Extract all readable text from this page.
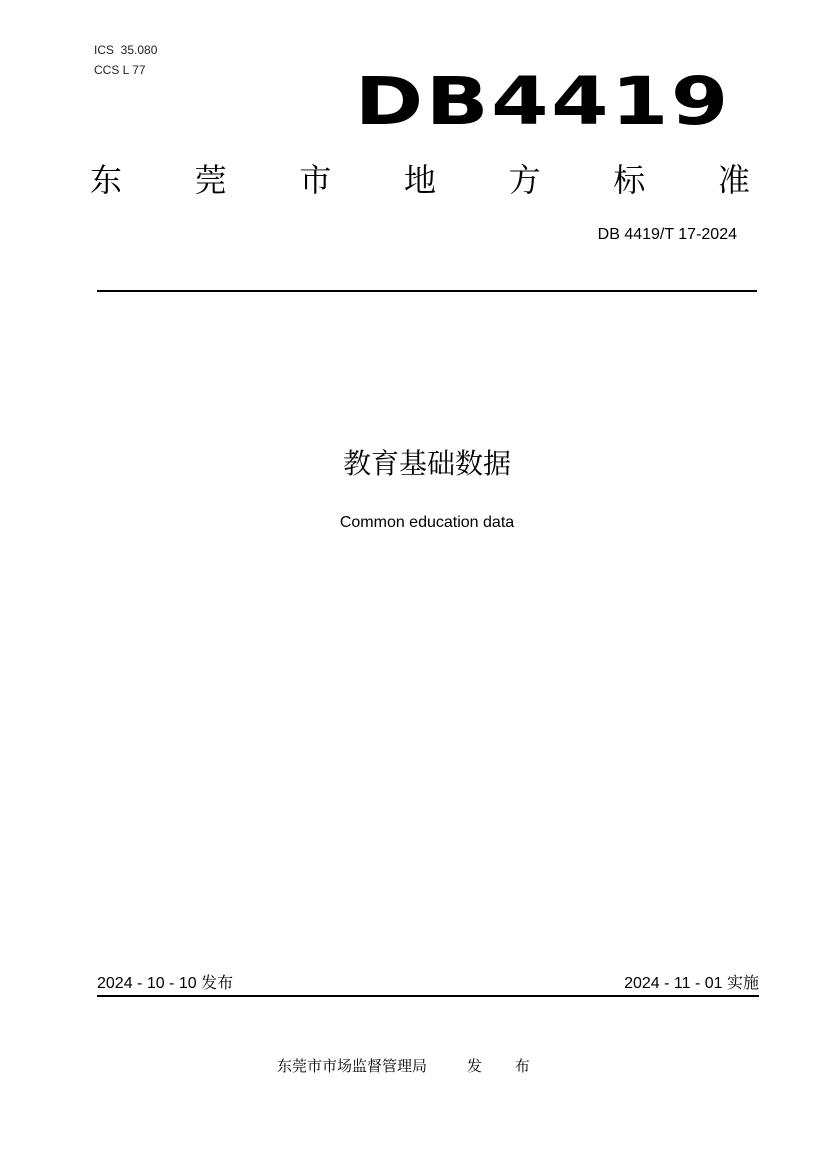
ICS  35.080
CCS L 77	DB4419
东 莞 市 地 方 标 准
DB 4419/T 17-2024
教育基础数据
Common education data
2024 - 10 - 10 发布	2024 - 11 - 01 实施
东莞市市场监督管理局	发 布
